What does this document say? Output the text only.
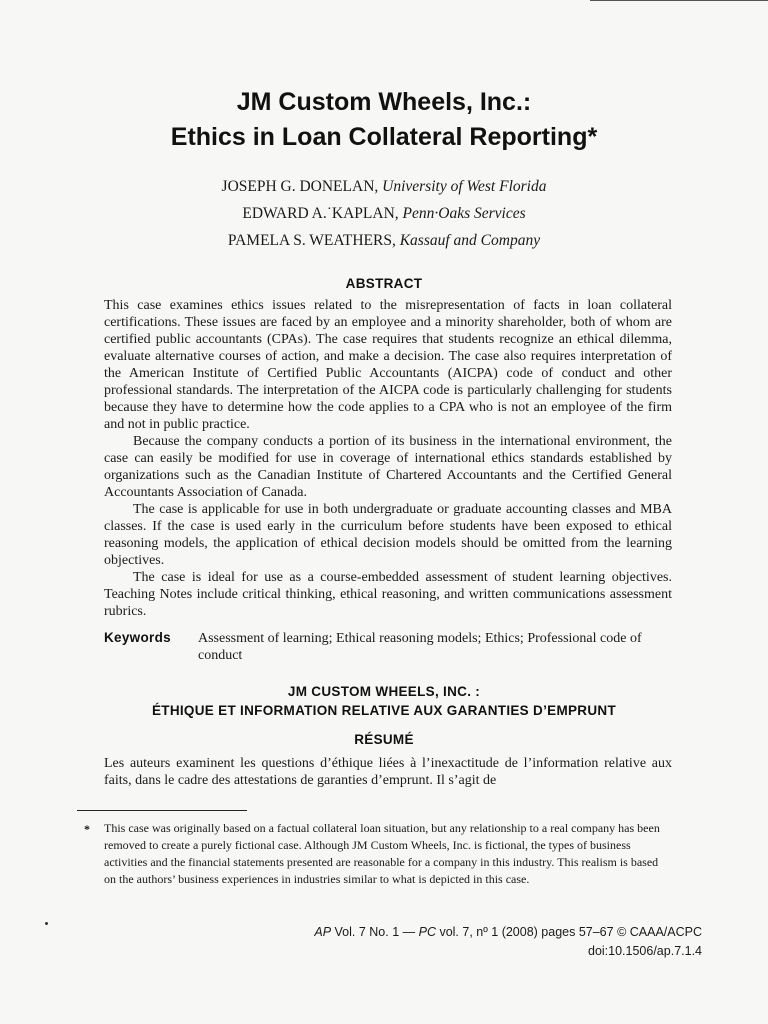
JM Custom Wheels, Inc.:
Ethics in Loan Collateral Reporting*
JOSEPH G. DONELAN, University of West Florida
EDWARD A.˙KAPLAN, Penn·Oaks Services
PAMELA S. WEATHERS, Kassauf and Company
ABSTRACT

This case examines ethics issues related to the misrepresentation of facts in loan collateral certifications. These issues are faced by an employee and a minority shareholder, both of whom are certified public accountants (CPAs). The case requires that students recognize an ethical dilemma, evaluate alternative courses of action, and make a decision. The case also requires interpretation of the American Institute of Certified Public Accountants (AICPA) code of conduct and other professional standards. The interpretation of the AICPA code is particularly challenging for students because they have to determine how the code applies to a CPA who is not an employee of the firm and not in public practice.

Because the company conducts a portion of its business in the international environment, the case can easily be modified for use in coverage of international ethics standards established by organizations such as the Canadian Institute of Chartered Accountants and the Certified General Accountants Association of Canada.

The case is applicable for use in both undergraduate or graduate accounting classes and MBA classes. If the case is used early in the curriculum before students have been exposed to ethical reasoning models, the application of ethical decision models should be omitted from the learning objectives.

The case is ideal for use as a course-embedded assessment of student learning objectives. Teaching Notes include critical thinking, ethical reasoning, and written communications assessment rubrics.

Keywords Assessment of learning; Ethical reasoning models; Ethics; Professional code of conduct
JM CUSTOM WHEELS, INC. :
ÉTHIQUE ET INFORMATION RELATIVE AUX GARANTIES D’EMPRUNT
RÉSUMÉ

Les auteurs examinent les questions d’éthique liées à l’inexactitude de l’information relative aux faits, dans le cadre des attestations de garanties d’emprunt. Il s’agit de

* This case was originally based on a factual collateral loan situation, but any relationship to a real company has been removed to create a purely fictional case. Although JM Custom Wheels, Inc. is fictional, the types of business activities and the financial statements presented are reasonable for a company in this industry. This realism is based on the authors’ business experiences in industries similar to what is depicted in this case.
AP Vol. 7 No. 1 — PC vol. 7, nº 1 (2008) pages 57–67 © CAAA/ACPC
doi:10.1506/ap.7.1.4
